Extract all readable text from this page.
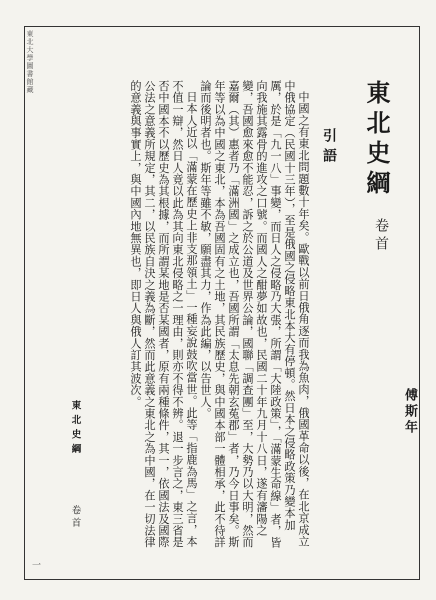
東北大學圖書館藏
東北史綱
卷首
傅斯年
引語

中國之有東北問題數十年矣。歐戰以前日俄角逐而我為魚肉，俄國革命以後，在北京成立中俄協定（民國十三年），至是俄國之侵略東北本大有停頓。然日本之侵略政策乃變本加厲，於是「九一八」事變，而日人之侵略乃大張，所謂「大陸政策」，「滿蒙生命線」者，皆向我施其露骨的進攻之口號。而國人之酣夢如故也，民國二十年九月十八日，遂有瀋陽之變，吾國愈來愈不能忍，訴之於公道及世界公論，國聯「調查團」至，大勢乃以大明，然而嘉爾（其）惠者乃「滿洲國」之成立也，吾國所謂「太息先朝玄菟郡」者，乃今日事矣。斯年等以為中國之東北，本為吾國固有之土地，其民族歷史，與中國本部一體相承，此不待詳論而後明者也。斯年等雖不敏，願盡其力，作為此編，以告世人。

日本人近以「滿蒙在歷史上非支那領土」一種妄說鼓吹當世。此等「指鹿為馬」之言，本不值一辯，然日人竟以此為其向東北侵略之一理由，則亦不得不辨。退一步言之，東三省是否中國本不以歷史為其根據，而所謂某地是否某國者，原有兩種條件，其一，依國法及國際公法之意義所規定，其二，以民族自決之義為斷，然而此意義之東北之為中國，在一切法律的意義與事實上，與中國內地無異也，即日人與俄人訂其波次。

東北史綱
卷首
一
